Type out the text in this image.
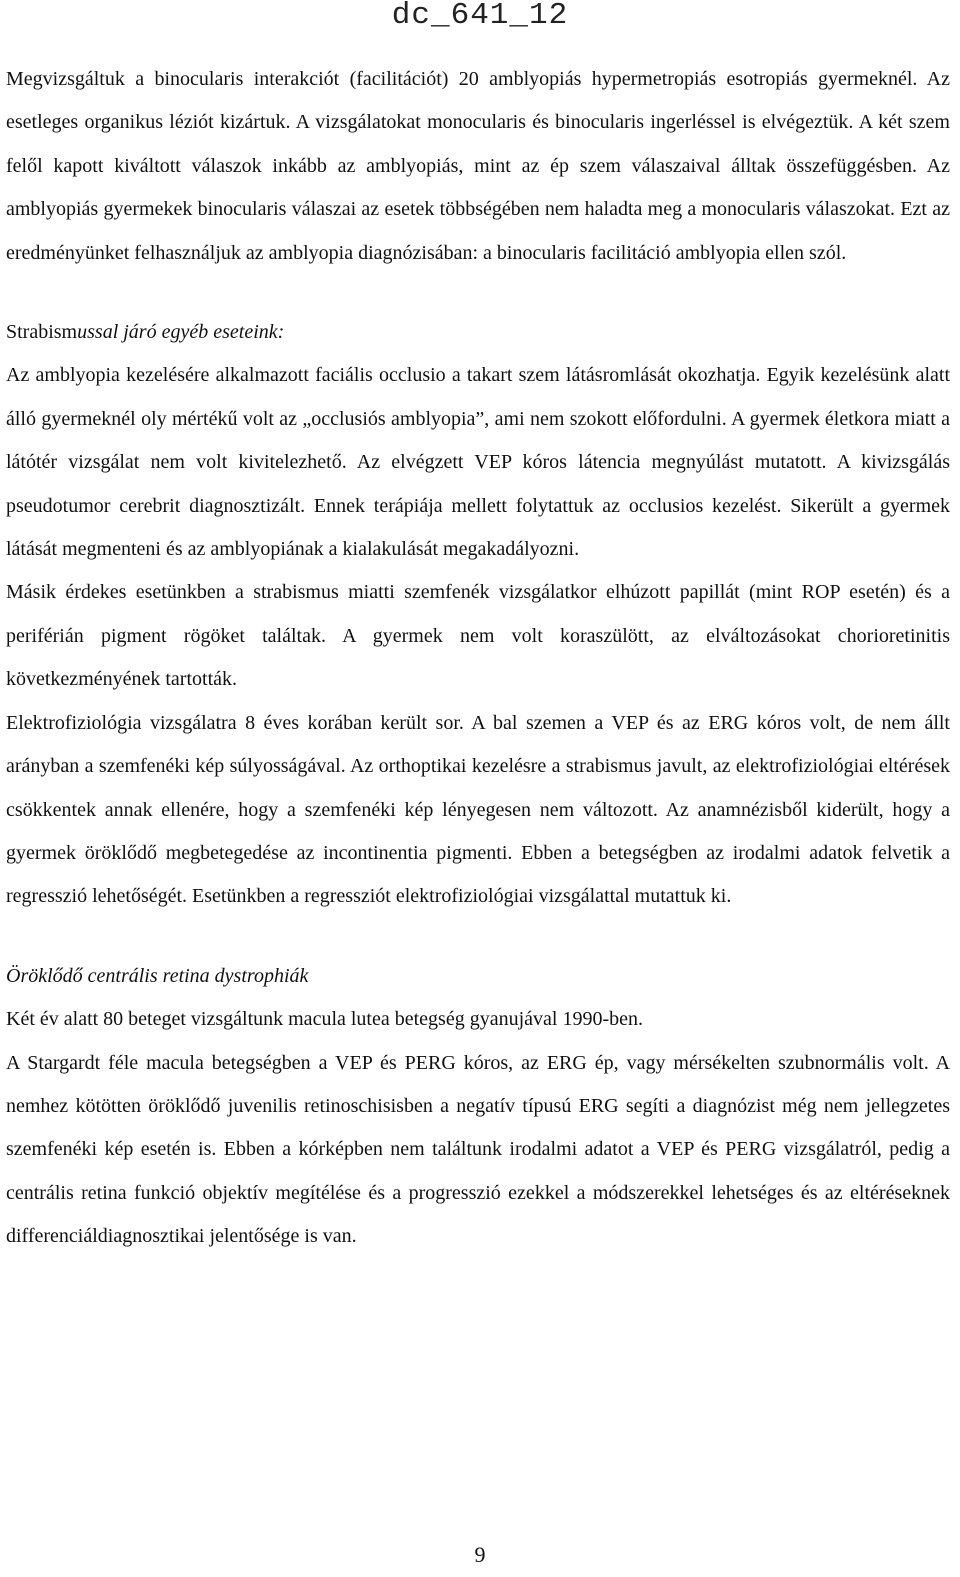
dc_641_12

Megvizsgáltuk a binocularis interakciót (facilitációt) 20 amblyopiás hypermetropiás esotropiás gyermeknél. Az esetleges organikus léziót kizártuk. A vizsgálatokat monocularis és binocularis ingerléssel is elvégeztük. A két szem felől kapott kiváltott válaszok inkább az amblyopiás, mint az ép szem válaszaival álltak összefüggésben. Az amblyopiás gyermekek binocularis válaszai az esetek többségében nem haladta meg a monocularis válaszokat. Ezt az eredményünket felhasználjuk az amblyopia diagnózisában: a binocularis facilitáció amblyopia ellen szól.

Strabismussal járó egyéb eseteink:

Az amblyopia kezelésére alkalmazott faciális occlusio a takart szem látásromlását okozhatja. Egyik kezelésünk alatt álló gyermeknél oly mértékű volt az „occlusiós amblyopia”, ami nem szokott előfordulni. A gyermek életkora miatt a látótér vizsgálat nem volt kivitelezhető. Az elvégzett VEP kóros látencia megnyúlást mutatott. A kivizsgálás pseudotumor cerebrit diagnosztizált. Ennek terápiája mellett folytattuk az occlusios kezelést. Sikerült a gyermek látását megmenteni és az amblyopiának a kialakulását megakadályozni.

Másik érdekes esetünkben a strabismus miatti szemfenék vizsgálatkor elhúzott papillát (mint ROP esetén) és a periférián pigment rögöket találtak. A gyermek nem volt koraszülött, az elváltozásokat chorioretinitis következményének tartották.

Elektrofiziológia vizsgálatra 8 éves korában került sor. A bal szemen a VEP és az ERG kóros volt, de nem állt arányban a szemfenéki kép súlyosságával. Az orthoptikai kezelésre a strabismus javult, az elektrofiziológiai eltérések csökkentek annak ellenére, hogy a szemfenéki kép lényegesen nem változott. Az anamnézisből kiderült, hogy a gyermek öröklődő megbetegedése az incontinentia pigmenti. Ebben a betegségben az irodalmi adatok felvetik a regresszió lehetőségét. Esetünkben a regressziót elektrofiziológiai vizsgálattal mutattuk ki.

Öröklődő centrális retina dystrophiák

Két év alatt 80 beteget vizsgáltunk macula lutea betegség gyanujával 1990-ben.

A Stargardt féle macula betegségben a VEP és PERG kóros, az ERG ép, vagy mérsékelten szubnormális volt. A nemhez kötötten öröklődő juvenilis retinoschisisben a negatív típusú ERG segíti a diagnózist még nem jellegzetes szemfenéki kép esetén is. Ebben a kórképben nem találtunk irodalmi adatot a VEP és PERG vizsgálatról, pedig a centrális retina funkció objektív megítélése és a progresszió ezekkel a módszerekkel lehetséges és az eltéréseknek differenciáldiagnosztikai jelentősége is van.

9
